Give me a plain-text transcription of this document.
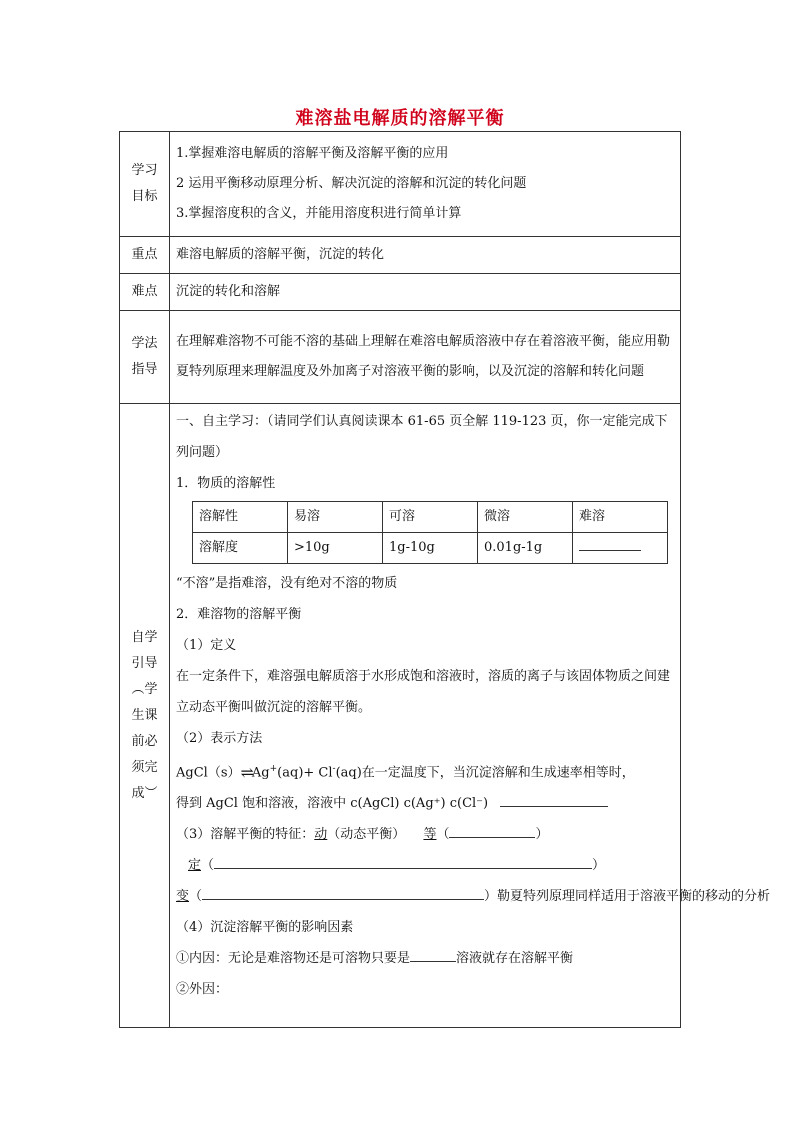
难溶盐电解质的溶解平衡
学习
目标

1.掌握难溶电解质的溶解平衡及溶解平衡的应用
2 运用平衡移动原理分析、解决沉淀的溶解和沉淀的转化问题
3.掌握溶度积的含义，并能用溶度积进行简单计算

重点	难溶电解质的溶解平衡，沉淀的转化
难点	沉淀的转化和溶解

学法
指导
	在理解难溶物不可能不溶的基础上理解在难溶电解质溶液中存在着溶液平衡，能应用勒夏特列原理来理解温度及外加离子对溶液平衡的影响，以及沉淀的溶解和转化问题

自学
引导
︵学
生课
前必
须完
成︶

一、自主学习：（请同学们认真阅读课本 61-65 页全解 119-123 页，你一定能完成下列问题）
1．物质的溶解性
溶解性	易溶	可溶	微溶	难溶
溶解度	>10g	1g-10g	0.01g-1g	
“不溶”是指难溶，没有绝对不溶的物质
2．难溶物的溶解平衡
（1）定义
在一定条件下，难溶强电解质溶于水形成饱和溶液时，溶质的离子与该固体物质之间建立动态平衡叫做沉淀的溶解平衡。
（2）表示方法
AgCl（s）⇌Ag+(aq)+ Cl-(aq)在一定温度下，当沉淀溶解和生成速率相等时，
得到 AgCl 饱和溶液，溶液中 c(AgCl) c(Ag⁺) c(Cl⁻)
（3）溶解平衡的特征：动（动态平衡） 等（	）
定（	）
变（	）勒夏特列原理同样适用于溶液平衡的移动的分析
（4）沉淀溶解平衡的影响因素
①内因：无论是难溶物还是可溶物只要是	溶液就存在溶解平衡
②外因：
